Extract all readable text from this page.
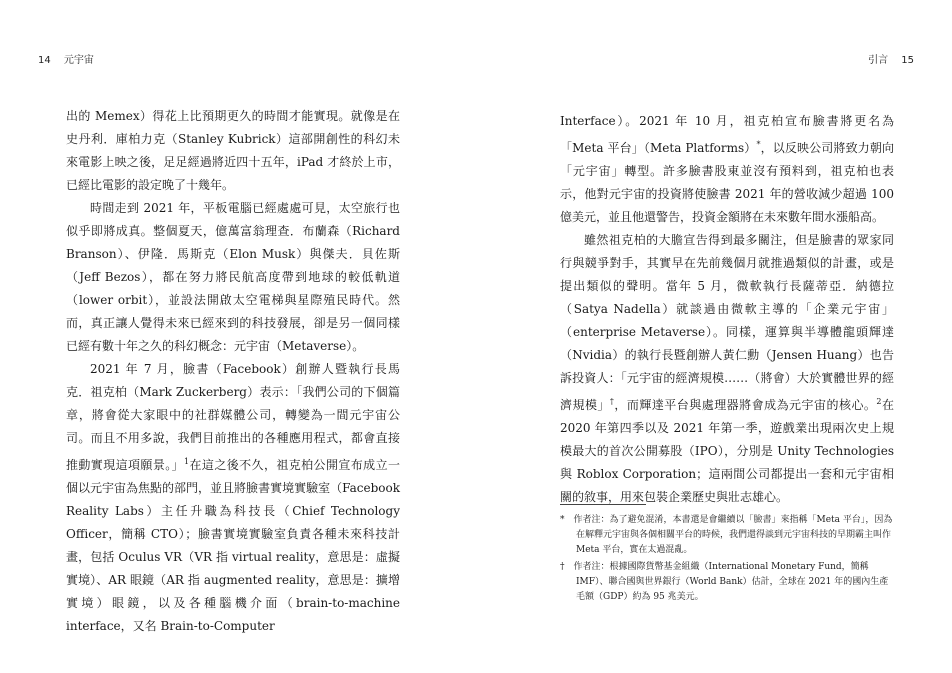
14 元宇宙

出的 Memex）得花上比預期更久的時間才能實現。就像是在史丹利．庫柏力克（Stanley Kubrick）這部開創性的科幻未來電影上映之後，足足經過將近四十五年，iPad 才終於上市，已經比電影的設定晚了十幾年。

時間走到 2021 年，平板電腦已經處處可見，太空旅行也似乎即將成真。整個夏天，億萬富翁理查．布蘭森（Richard Branson）、伊隆．馬斯克（Elon Musk）與傑夫．貝佐斯（Jeff Bezos），都在努力將民航高度帶到地球的較低軌道（lower orbit），並設法開啟太空電梯與星際殖民時代。然而，真正讓人覺得未來已經來到的科技發展，卻是另一個同樣已經有數十年之久的科幻概念：元宇宙（Metaverse）。

2021 年 7 月，臉書（Facebook）創辦人暨執行長馬克．祖克柏（Mark Zuckerberg）表示：「我們公司的下個篇章，將會從大家眼中的社群媒體公司，轉變為一間元宇宙公司。而且不用多說，我們目前推出的各種應用程式，都會直接推動實現這項願景。」$^1$在這之後不久，祖克柏公開宣布成立一個以元宇宙為焦點的部門，並且將臉書實境實驗室（Facebook Reality Labs）主任升職為科技長（Chief Technology Officer，簡稱 CTO）；臉書實境實驗室負責各種未來科技計畫，包括 Oculus VR（VR 指 virtual reality，意思是：虛擬實境）、AR 眼鏡（AR 指 augmented reality，意思是：擴增實境）眼鏡，以及各種腦機介面（brain-to-machine interface，又名 Brain-to-Computer

引言 15

Interface）。2021 年 10 月，祖克柏宣布臉書將更名為「Meta 平台」（Meta Platforms）*，以反映公司將致力朝向「元宇宙」轉型。許多臉書股東並沒有預料到，祖克柏也表示，他對元宇宙的投資將使臉書 2021 年的營收減少超過 100 億美元，並且他還警告，投資金額將在未來數年間水漲船高。

雖然祖克柏的大膽宣告得到最多關注，但是臉書的眾家同行與競爭對手，其實早在先前幾個月就推過類似的計畫，或是提出類似的聲明。當年 5 月，微軟執行長薩蒂亞．納德拉（Satya Nadella）就談過由微軟主導的「企業元宇宙」（enterprise Metaverse）。同樣，運算與半導體龍頭輝達（Nvidia）的執行長暨創辦人黃仁勳（Jensen Huang）也告訴投資人：「元宇宙的經濟規模……（將會）大於實體世界的經濟規模」†，而輝達平台與處理器將會成為元宇宙的核心。$^2$在 2020 年第四季以及 2021 年第一季，遊戲業出現兩次史上規模最大的首次公開募股（IPO），分別是 Unity Technologies 與 Roblox Corporation；這兩間公司都提出一套和元宇宙相關的敘事，用來包裝企業歷史與壯志雄心。

*　 作者注：為了避免混淆，本書還是會繼續以「臉書」來指稱「Meta 平台」，因為在解釋元宇宙與各個相關平台的時候，我們還得談到元宇宙科技的早期霸主叫作 Meta 平台，實在太過混亂。

†　 作者注：根據國際貨幣基金組織（International Monetary Fund，簡稱 IMF）、聯合國與世界銀行（World Bank）估計，全球在 2021 年的國內生產毛額（GDP）約為 95 兆美元。
